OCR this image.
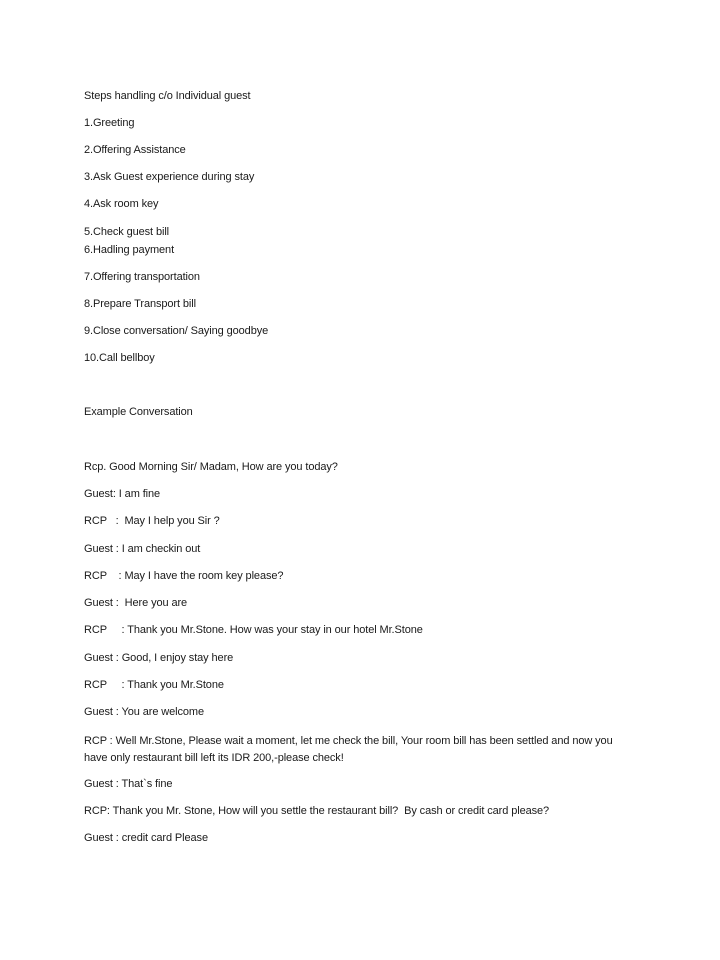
Steps handling c/o Individual guest
1.Greeting
2.Offering Assistance
3.Ask Guest experience during stay
4.Ask room key
5.Check guest bill
6.Hadling payment
7.Offering transportation
8.Prepare Transport bill
9.Close conversation/ Saying goodbye
10.Call bellboy
Example Conversation
Rcp. Good Morning Sir/ Madam, How are you today?
Guest: I am fine
RCP   :  May I help you Sir ?
Guest : I am checkin out
RCP    : May I have the room key please?
Guest :  Here you are
RCP     : Thank you Mr.Stone. How was your stay in our hotel Mr.Stone
Guest : Good, I enjoy stay here
RCP     : Thank you Mr.Stone
Guest : You are welcome
RCP : Well Mr.Stone, Please wait a moment, let me check the bill, Your room bill has been settled and now you have only restaurant bill left its IDR 200,-please check!
Guest : That`s fine
RCP: Thank you Mr. Stone, How will you settle the restaurant bill?  By cash or credit card please?
Guest : credit card Please
